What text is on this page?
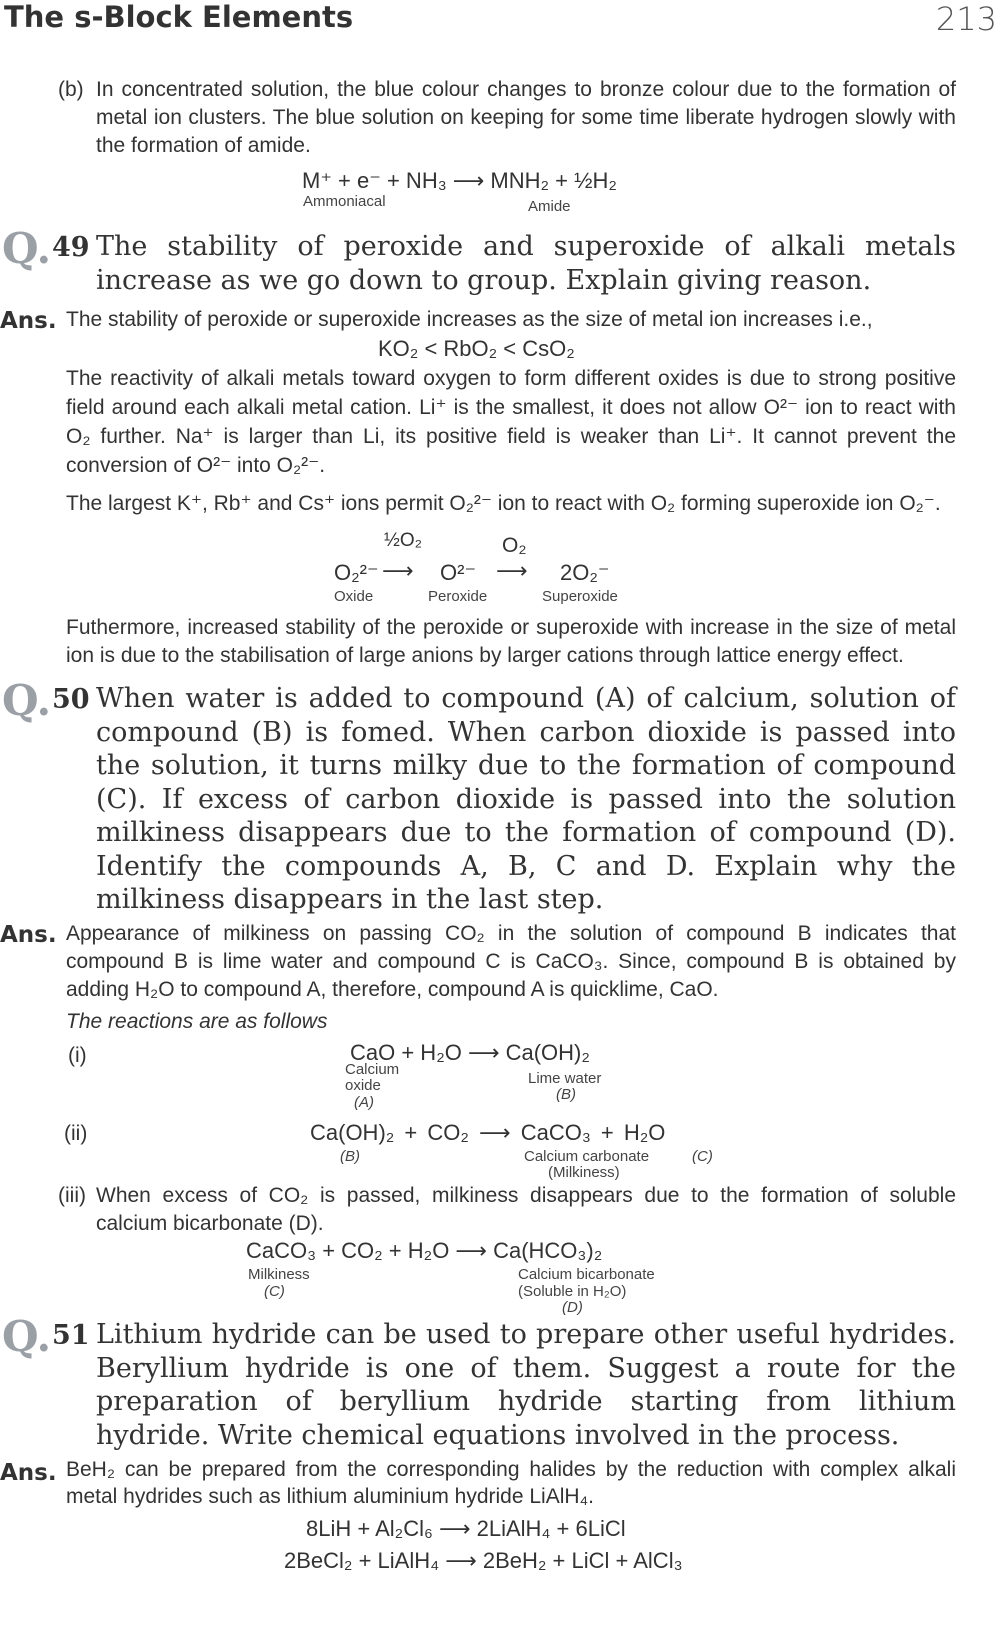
The s-Block Elements	213
(b) In concentrated solution, the blue colour changes to bronze colour due to the formation of metal ion clusters. The blue solution on keeping for some time liberate hydrogen slowly with the formation of amide.
M⁺ + e⁻ + NH₃ ⟶ MNH₂ + ½H₂
Ammoniacal	Amide
Q. 49 The stability of peroxide and superoxide of alkali metals increase as we go down to group. Explain giving reason.
Ans. The stability of peroxide or superoxide increases as the size of metal ion increases i.e.,
KO₂ < RbO₂ < CsO₂
The reactivity of alkali metals toward oxygen to form different oxides is due to strong positive field around each alkali metal cation. Li⁺ is the smallest, it does not allow O²⁻ ion to react with O₂ further. Na⁺ is larger than Li, its positive field is weaker than Li⁺. It cannot prevent the conversion of O²⁻ into O₂²⁻.
The largest K⁺, Rb⁺ and Cs⁺ ions permit O₂²⁻ ion to react with O₂ forming superoxide ion O₂⁻.
½O₂	O₂
O₂²⁻ ⟶ O²⁻ ⟶ 2O₂⁻
Oxide	Peroxide	Superoxide
Futhermore, increased stability of the peroxide or superoxide with increase in the size of metal ion is due to the stabilisation of large anions by larger cations through lattice energy effect.
Q. 50 When water is added to compound (A) of calcium, solution of compound (B) is fomed. When carbon dioxide is passed into the solution, it turns milky due to the formation of compound (C). If excess of carbon dioxide is passed into the solution milkiness disappears due to the formation of compound (D). Identify the compounds A, B, C and D. Explain why the milkiness disappears in the last step.
Ans. Appearance of milkiness on passing CO₂ in the solution of compound B indicates that compound B is lime water and compound C is CaCO₃. Since, compound B is obtained by adding H₂O to compound A, therefore, compound A is quicklime, CaO.
The reactions are as follows
(i)	CaO + H₂O ⟶ Ca(OH)₂
Calcium
oxide
(A)
Lime water
(B)
(ii)	Ca(OH)₂ + CO₂ ⟶ CaCO₃ + H₂O
(B)	Calcium carbonate
(Milkiness)
(C)
(iii) When excess of CO₂ is passed, milkiness disappears due to the formation of soluble calcium bicarbonate (D).
CaCO₃ + CO₂ + H₂O ⟶ Ca(HCO₃)₂
Milkiness
(C)
Calcium bicarbonate
(Soluble in H₂O)
(D)
Q. 51 Lithium hydride can be used to prepare other useful hydrides. Beryllium hydride is one of them. Suggest a route for the preparation of beryllium hydride starting from lithium hydride. Write chemical equations involved in the process.
Ans. BeH₂ can be prepared from the corresponding halides by the reduction with complex alkali metal hydrides such as lithium aluminium hydride LiAlH₄.
8LiH + Al₂Cl₆ ⟶ 2LiAlH₄ + 6LiCl
2BeCl₂ + LiAlH₄ ⟶ 2BeH₂ + LiCl + AlCl₃
